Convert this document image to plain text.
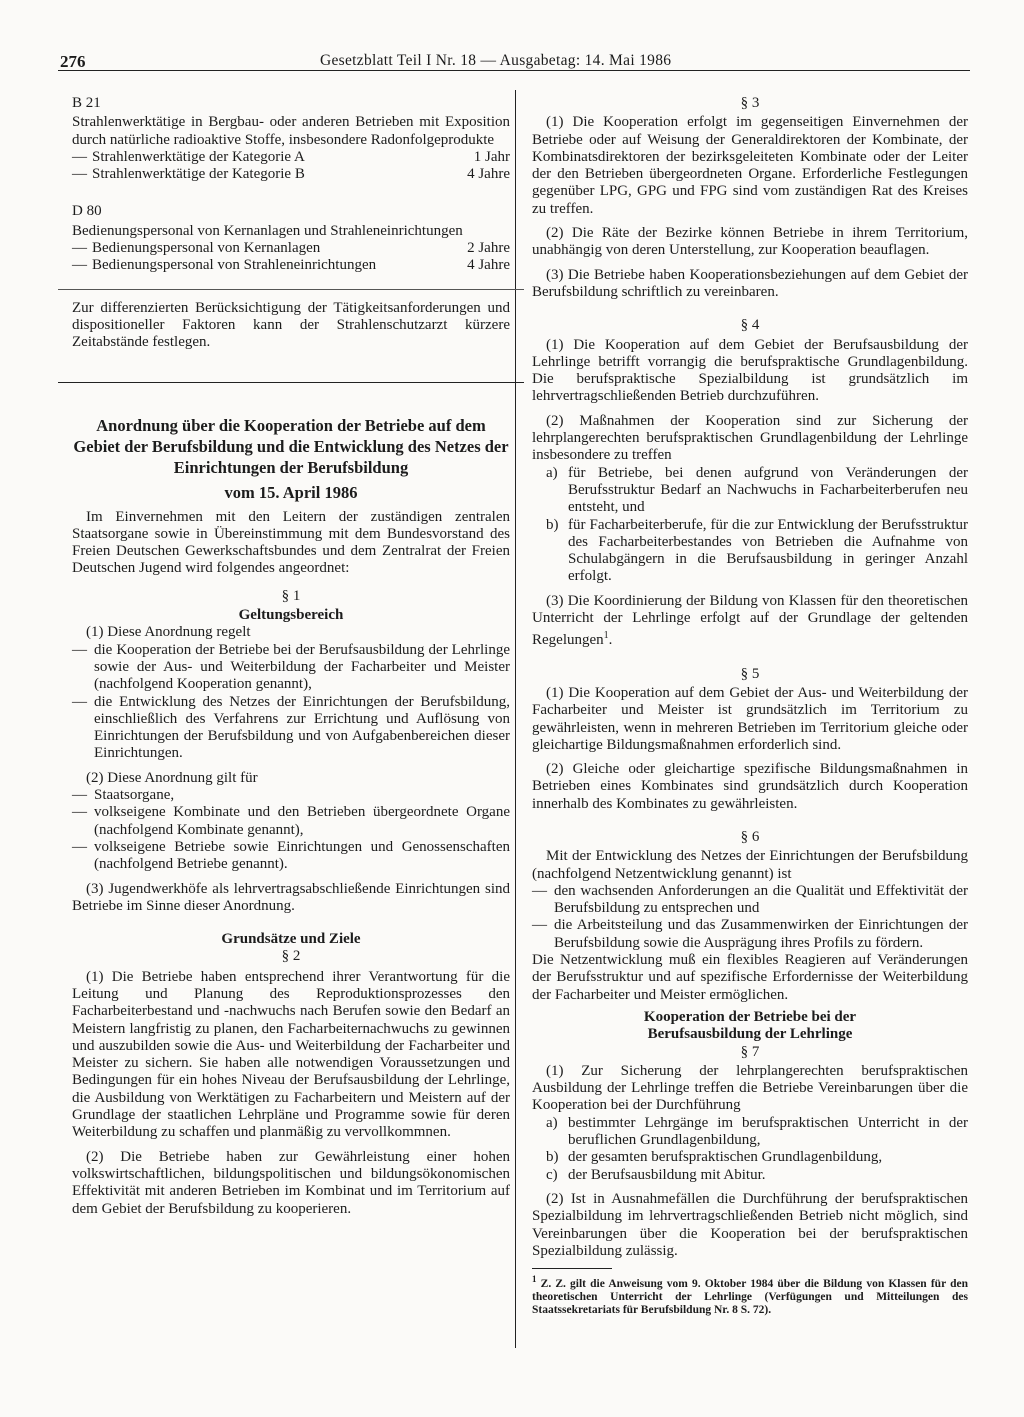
276	Gesetzblatt Teil I Nr. 18 — Ausgabetag: 14. Mai 1986

B 21

Strahlenwerktätige in Bergbau- oder anderen Betrieben mit Exposition durch natürliche radioaktive Stoffe, insbesondere Radonfolgeprodukte

— Strahlenwerktätige der Kategorie A	1 Jahr
— Strahlenwerktätige der Kategorie B	4 Jahre

D 80

Bedienungspersonal von Kernanlagen und Strahleneinrichtungen

— Bedienungspersonal von Kernanlagen	2 Jahre
— Bedienungspersonal von Strahleneinrichtungen	4 Jahre

Zur differenzierten Berücksichtigung der Tätigkeitsanforderungen und dispositioneller Faktoren kann der Strahlenschutzarzt kürzere Zeitabstände festlegen.

Anordnung über die Kooperation der Betriebe auf dem Gebiet der Berufsbildung und die Entwicklung des Netzes der Einrichtungen der Berufsbildung

vom 15. April 1986

Im Einvernehmen mit den Leitern der zuständigen zentralen Staatsorgane sowie in Übereinstimmung mit dem Bundesvorstand des Freien Deutschen Gewerkschaftsbundes und dem Zentralrat der Freien Deutschen Jugend wird folgendes angeordnet:

§ 1

Geltungsbereich

(1) Diese Anordnung regelt

— die Kooperation der Betriebe bei der Berufsausbildung der Lehrlinge sowie der Aus- und Weiterbildung der Facharbeiter und Meister (nachfolgend Kooperation genannt),
— die Entwicklung des Netzes der Einrichtungen der Berufsbildung, einschließlich des Verfahrens zur Errichtung und Auflösung von Einrichtungen der Berufsbildung und von Aufgabenbereichen dieser Einrichtungen.

(2) Diese Anordnung gilt für

— Staatsorgane,
— volkseigene Kombinate und den Betrieben übergeordnete Organe (nachfolgend Kombinate genannt),
— volkseigene Betriebe sowie Einrichtungen und Genossenschaften (nachfolgend Betriebe genannt).

(3) Jugendwerkhöfe als lehrvertragsabschließende Einrichtungen sind Betriebe im Sinne dieser Anordnung.

Grundsätze und Ziele

§ 2

(1) Die Betriebe haben entsprechend ihrer Verantwortung für die Leitung und Planung des Reproduktionsprozesses den Facharbeiterbestand und -nachwuchs nach Berufen sowie den Bedarf an Meistern langfristig zu planen, den Facharbeiternachwuchs zu gewinnen und auszubilden sowie die Aus- und Weiterbildung der Facharbeiter und Meister zu sichern. Sie haben alle notwendigen Voraussetzungen und Bedingungen für ein hohes Niveau der Berufsausbildung der Lehrlinge, die Ausbildung von Werktätigen zu Facharbeitern und Meistern auf der Grundlage der staatlichen Lehrpläne und Programme sowie für deren Weiterbildung zu schaffen und planmäßig zu vervollkommnen.

(2) Die Betriebe haben zur Gewährleistung einer hohen volkswirtschaftlichen, bildungspolitischen und bildungsökonomischen Effektivität mit anderen Betrieben im Kombinat und im Territorium auf dem Gebiet der Berufsbildung zu kooperieren.

§ 3

(1) Die Kooperation erfolgt im gegenseitigen Einvernehmen der Betriebe oder auf Weisung der Generaldirektoren der Kombinate, der Kombinatsdirektoren der bezirksgeleiteten Kombinate oder der Leiter der den Betrieben übergeordneten Organe. Erforderliche Festlegungen gegenüber LPG, GPG und FPG sind vom zuständigen Rat des Kreises zu treffen.

(2) Die Räte der Bezirke können Betriebe in ihrem Territorium, unabhängig von deren Unterstellung, zur Kooperation beauflagen.

(3) Die Betriebe haben Kooperationsbeziehungen auf dem Gebiet der Berufsbildung schriftlich zu vereinbaren.

§ 4

(1) Die Kooperation auf dem Gebiet der Berufsausbildung der Lehrlinge betrifft vorrangig die berufspraktische Grundlagenbildung. Die berufspraktische Spezialbildung ist grundsätzlich im lehrvertragschließenden Betrieb durchzuführen.

(2) Maßnahmen der Kooperation sind zur Sicherung der lehrplangerechten berufspraktischen Grundlagenbildung der Lehrlinge insbesondere zu treffen

a) für Betriebe, bei denen aufgrund von Veränderungen der Berufsstruktur Bedarf an Nachwuchs in Facharbeiterberufen neu entsteht, und
b) für Facharbeiterberufe, für die zur Entwicklung der Berufsstruktur des Facharbeiterbestandes von Betrieben die Aufnahme von Schulabgängern in die Berufsausbildung in geringer Anzahl erfolgt.

(3) Die Koordinierung der Bildung von Klassen für den theoretischen Unterricht der Lehrlinge erfolgt auf der Grundlage der geltenden Regelungen$^1$.

§ 5

(1) Die Kooperation auf dem Gebiet der Aus- und Weiterbildung der Facharbeiter und Meister ist grundsätzlich im Territorium zu gewährleisten, wenn in mehreren Betrieben im Territorium gleiche oder gleichartige Bildungsmaßnahmen erforderlich sind.

(2) Gleiche oder gleichartige spezifische Bildungsmaßnahmen in Betrieben eines Kombinates sind grundsätzlich durch Kooperation innerhalb des Kombinates zu gewährleisten.

§ 6

Mit der Entwicklung des Netzes der Einrichtungen der Berufsbildung (nachfolgend Netzentwicklung genannt) ist

— den wachsenden Anforderungen an die Qualität und Effektivität der Berufsbildung zu entsprechen und
— die Arbeitsteilung und das Zusammenwirken der Einrichtungen der Berufsbildung sowie die Ausprägung ihres Profils zu fördern.

Die Netzentwicklung muß ein flexibles Reagieren auf Veränderungen der Berufsstruktur und auf spezifische Erfordernisse der Weiterbildung der Facharbeiter und Meister ermöglichen.

Kooperation der Betriebe bei der

Berufsausbildung der Lehrlinge

§ 7

(1) Zur Sicherung der lehrplangerechten berufspraktischen Ausbildung der Lehrlinge treffen die Betriebe Vereinbarungen über die Kooperation bei der Durchführung

a) bestimmter Lehrgänge im berufspraktischen Unterricht in der beruflichen Grundlagenbildung,
b) der gesamten berufspraktischen Grundlagenbildung,
c) der Berufsausbildung mit Abitur.

(2) Ist in Ausnahmefällen die Durchführung der berufspraktischen Spezialbildung im lehrvertragschließenden Betrieb nicht möglich, sind Vereinbarungen über die Kooperation bei der berufspraktischen Spezialbildung zulässig.

$^1$ Z. Z. gilt die Anweisung vom 9. Oktober 1984 über die Bildung von Klassen für den theoretischen Unterricht der Lehrlinge (Verfügungen und Mitteilungen des Staatssekretariats für Berufsbildung Nr. 8 S. 72).
